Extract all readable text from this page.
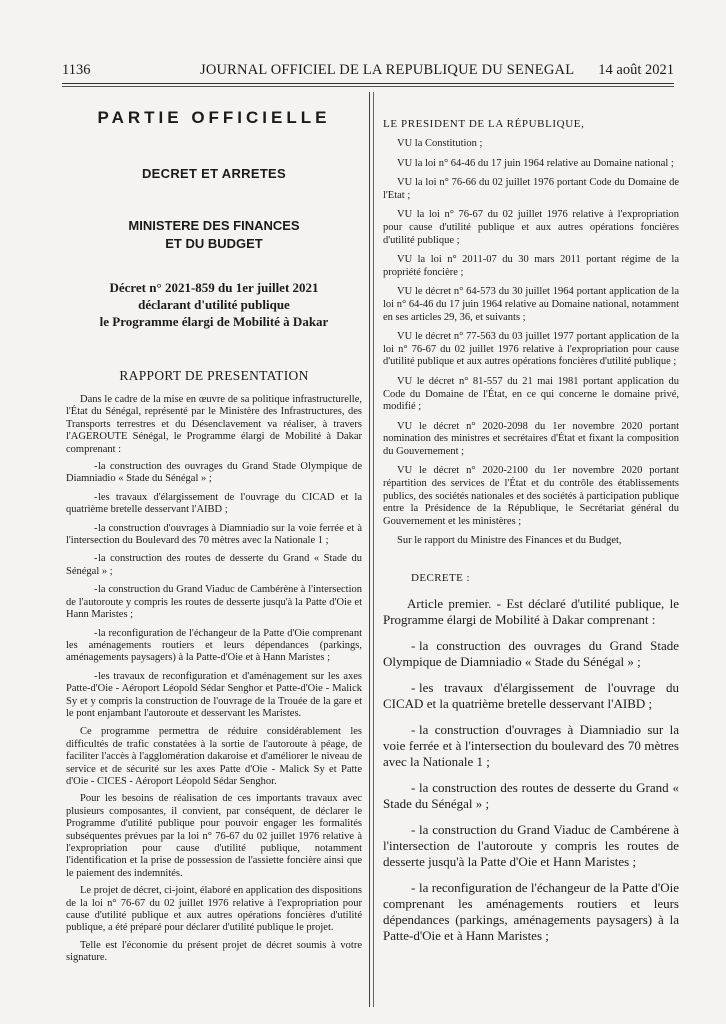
1136	JOURNAL OFFICIEL DE LA REPUBLIQUE DU SENEGAL 14 août 2021
PARTIE OFFICIELLE
DECRET ET ARRETES
MINISTERE DES FINANCES
ET DU BUDGET
Décret n° 2021-859 du 1er juillet 2021
déclarant d'utilité publique
le Programme élargi de Mobilité à Dakar
RAPPORT DE PRESENTATION

Dans le cadre de la mise en œuvre de sa politique infrastructurelle, l'État du Sénégal, représenté par le Ministère des Infrastructures, des Transports terrestres et du Désenclavement va réaliser, à travers l'AGEROUTE Sénégal, le Programme élargi de Mobilité à Dakar comprenant :

-la construction des ouvrages du Grand Stade Olympique de Diamniadio « Stade du Sénégal » ;

-les travaux d'élargissement de l'ouvrage du CICAD et la quatrième bretelle desservant l'AIBD ;

-la construction d'ouvrages à Diamniadio sur la voie ferrée et à l'intersection du Boulevard des 70 mètres avec la Nationale 1 ;

-la construction des routes de desserte du Grand « Stade du Sénégal » ;

-la construction du Grand Viaduc de Cambérène à l'intersection de l'autoroute y compris les routes de desserte jusqu'à la Patte d'Oie et Hann Maristes ;

-la reconfiguration de l'échangeur de la Patte d'Oie comprenant les aménagements routiers et leurs dépendances (parkings, aménagements paysagers) à la Patte-d'Oie et à Hann Maristes ;

-les travaux de reconfiguration et d'aménagement sur les axes Patte-d'Oie - Aéroport Léopold Sédar Senghor et Patte-d'Oie - Malick Sy et y compris la construction de l'ouvrage de la Trouée de la gare et le pont enjambant l'autoroute et desservant les Maristes.

Ce programme permettra de réduire considérablement les difficultés de trafic constatées à la sortie de l'autoroute à péage, de faciliter l'accès à l'agglomération dakaroise et d'améliorer le niveau de service et de sécurité sur les axes Patte d'Oie - Malick Sy et Patte d'Oie - CICES - Aéroport Léopold Sédar Senghor.

Pour les besoins de réalisation de ces importants travaux avec plusieurs composantes, il convient, par conséquent, de déclarer le Programme d'utilité publique pour pouvoir engager les formalités subséquentes prévues par la loi n° 76-67 du 02 juillet 1976 relative à l'expropriation pour cause d'utilité publique, notamment l'identification et la prise de possession de l'assiette foncière ainsi que le paiement des indemnités.

Le projet de décret, ci-joint, élaboré en application des dispositions de la loi n° 76-67 du 02 juillet 1976 relative à l'expropriation pour cause d'utilité publique et aux autres opérations foncières d'utilité publique, a été préparé pour déclarer d'utilité publique le projet.

Telle est l'économie du présent projet de décret soumis à votre signature.

LE PRESIDENT DE LA RÉPUBLIQUE,

VU la Constitution ;

VU la loi n° 64-46 du 17 juin 1964 relative au Domaine national ;

VU la loi n° 76-66 du 02 juillet 1976 portant Code du Domaine de l'Etat ;

VU la loi n° 76-67 du 02 juillet 1976 relative à l'expropriation pour cause d'utilité publique et aux autres opérations foncières d'utilité publique ;

VU la loi n° 2011-07 du 30 mars 2011 portant régime de la propriété foncière ;

VU le décret n° 64-573 du 30 juillet 1964 portant application de la loi n° 64-46 du 17 juin 1964 relative au Domaine national, notamment en ses articles 29, 36, et suivants ;

VU le décret n° 77-563 du 03 juillet 1977 portant application de la loi n° 76-67 du 02 juillet 1976 relative à l'expropriation pour cause d'utilité publique et aux autres opérations foncières d'utilité publique ;

VU le décret n° 81-557 du 21 mai 1981 portant application du Code du Domaine de l'État, en ce qui concerne le domaine privé, modifié ;

VU le décret n° 2020-2098 du 1er novembre 2020 portant nomination des ministres et secrétaires d'État et fixant la composition du Gouvernement ;

VU le décret n° 2020-2100 du 1er novembre 2020 portant répartition des services de l'État et du contrôle des établissements publics, des sociétés nationales et des sociétés à participation publique entre la Présidence de la République, le Secrétariat général du Gouvernement et les ministères ;

Sur le rapport du Ministre des Finances et du Budget,

DECRETE :

Article premier. - Est déclaré d'utilité publique, le Programme élargi de Mobilité à Dakar comprenant :

- la construction des ouvrages du Grand Stade Olympique de Diamniadio « Stade du Sénégal » ;

- les travaux d'élargissement de l'ouvrage du CICAD et la quatrième bretelle desservant l'AIBD ;

- la construction d'ouvrages à Diamniadio sur la voie ferrée et à l'intersection du boulevard des 70 mètres avec la Nationale 1 ;

- la construction des routes de desserte du Grand « Stade du Sénégal » ;

- la construction du Grand Viaduc de Cambérene à l'intersection de l'autoroute y compris les routes de desserte jusqu'à la Patte d'Oie et Hann Maristes ;

- la reconfiguration de l'échangeur de la Patte d'Oie comprenant les aménagements routiers et leurs dépendances (parkings, aménagements paysagers) à la Patte-d'Oie et à Hann Maristes ;
